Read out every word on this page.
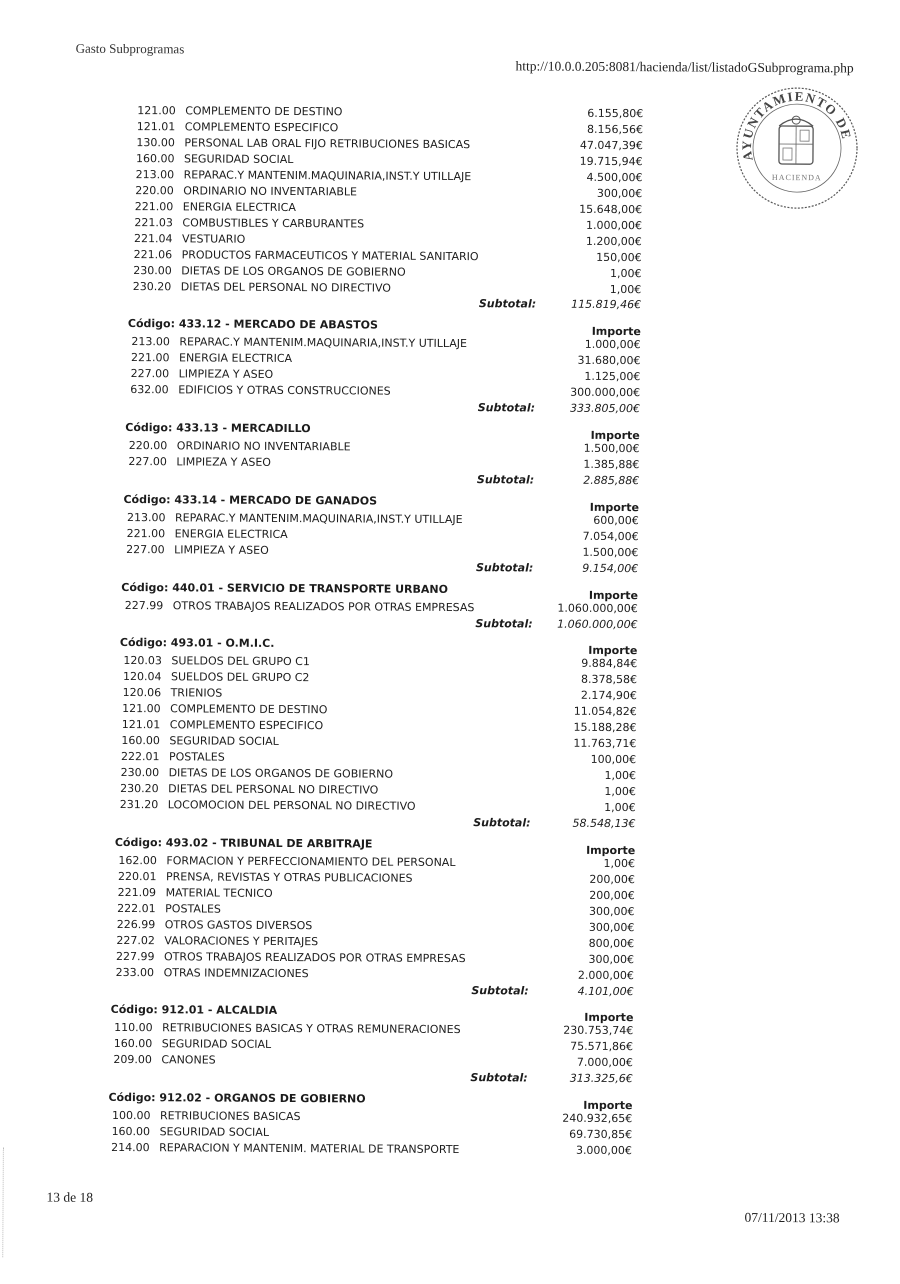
Gasto Subprogramas
http://10.0.0.205:8081/hacienda/list/listadoGSubprograma.php
AYUNTAMIENTO DE
HACIENDA
121.00 COMPLEMENTO DE DESTINO	6.155,80€
121.01 COMPLEMENTO ESPECIFICO	8.156,56€
130.00 PERSONAL LAB ORAL FIJO RETRIBUCIONES BASICAS	47.047,39€
160.00 SEGURIDAD SOCIAL	19.715,94€
213.00 REPARAC.Y MANTENIM.MAQUINARIA,INST.Y UTILLAJE	4.500,00€
220.00 ORDINARIO NO INVENTARIABLE	300,00€
221.00 ENERGIA ELECTRICA	15.648,00€
221.03 COMBUSTIBLES Y CARBURANTES	1.000,00€
221.04 VESTUARIO	1.200,00€
221.06 PRODUCTOS FARMACEUTICOS Y MATERIAL SANITARIO	150,00€
230.00 DIETAS DE LOS ORGANOS DE GOBIERNO	1,00€
230.20 DIETAS DEL PERSONAL NO DIRECTIVO	1,00€
Subtotal:	115.819,46€
Importe
Código: 433.12 - MERCADO DE ABASTOS
213.00 REPARAC.Y MANTENIM.MAQUINARIA,INST.Y UTILLAJE	1.000,00€
221.00 ENERGIA ELECTRICA	31.680,00€
227.00 LIMPIEZA Y ASEO	1.125,00€
632.00 EDIFICIOS Y OTRAS CONSTRUCCIONES	300.000,00€
Subtotal:	333.805,00€
Importe
Código: 433.13 - MERCADILLO
220.00 ORDINARIO NO INVENTARIABLE	1.500,00€
227.00 LIMPIEZA Y ASEO	1.385,88€
Subtotal:	2.885,88€
Importe
Código: 433.14 - MERCADO DE GANADOS
213.00 REPARAC.Y MANTENIM.MAQUINARIA,INST.Y UTILLAJE	600,00€
221.00 ENERGIA ELECTRICA	7.054,00€
227.00 LIMPIEZA Y ASEO	1.500,00€
Subtotal:	9.154,00€
Importe
Código: 440.01 - SERVICIO DE TRANSPORTE URBANO
227.99 OTROS TRABAJOS REALIZADOS POR OTRAS EMPRESAS	1.060.000,00€
Subtotal:	1.060.000,00€
Importe
Código: 493.01 - O.M.I.C.
120.03 SUELDOS DEL GRUPO C1	9.884,84€
120.04 SUELDOS DEL GRUPO C2	8.378,58€
120.06 TRIENIOS	2.174,90€
121.00 COMPLEMENTO DE DESTINO	11.054,82€
121.01 COMPLEMENTO ESPECIFICO	15.188,28€
160.00 SEGURIDAD SOCIAL	11.763,71€
222.01 POSTALES	100,00€
230.00 DIETAS DE LOS ORGANOS DE GOBIERNO	1,00€
230.20 DIETAS DEL PERSONAL NO DIRECTIVO	1,00€
231.20 LOCOMOCION DEL PERSONAL NO DIRECTIVO	1,00€
Subtotal:	58.548,13€
Importe
Código: 493.02 - TRIBUNAL DE ARBITRAJE
162.00 FORMACION Y PERFECCIONAMIENTO DEL PERSONAL	1,00€
220.01 PRENSA, REVISTAS Y OTRAS PUBLICACIONES	200,00€
221.09 MATERIAL TECNICO	200,00€
222.01 POSTALES	300,00€
226.99 OTROS GASTOS DIVERSOS	300,00€
227.02 VALORACIONES Y PERITAJES	800,00€
227.99 OTROS TRABAJOS REALIZADOS POR OTRAS EMPRESAS	300,00€
233.00 OTRAS INDEMNIZACIONES	2.000,00€
Subtotal:	4.101,00€
Importe
Código: 912.01 - ALCALDIA
110.00 RETRIBUCIONES BASICAS Y OTRAS REMUNERACIONES	230.753,74€
160.00 SEGURIDAD SOCIAL	75.571,86€
209.00 CANONES	7.000,00€
Subtotal:	313.325,6€
Importe
Código: 912.02 - ORGANOS DE GOBIERNO
100.00 RETRIBUCIONES BASICAS	240.932,65€
160.00 SEGURIDAD SOCIAL	69.730,85€
214.00 REPARACION Y MANTENIM. MATERIAL DE TRANSPORTE	3.000,00€
13 de 18
07/11/2013 13:38
